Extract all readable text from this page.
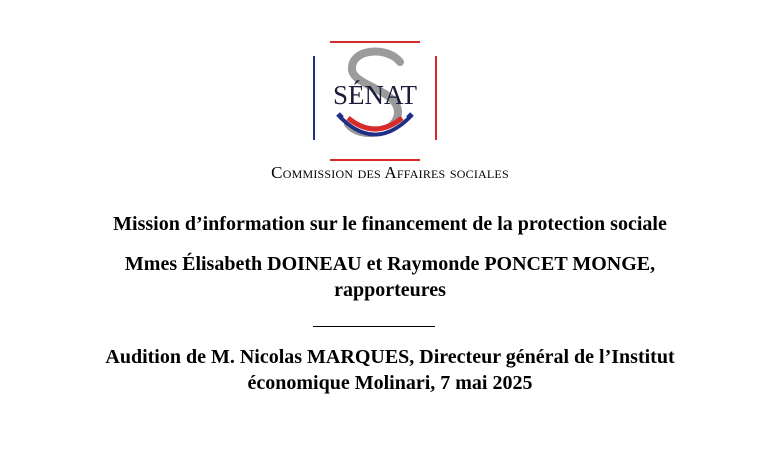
SÉNAT
Commission des Affaires sociales
Mission d’information sur le financement de la protection sociale
Mmes Élisabeth DOINEAU et Raymonde PONCET MONGE,
rapporteures
Audition de M. Nicolas MARQUES, Directeur général de l’Institut
économique Molinari, 7 mai 2025
